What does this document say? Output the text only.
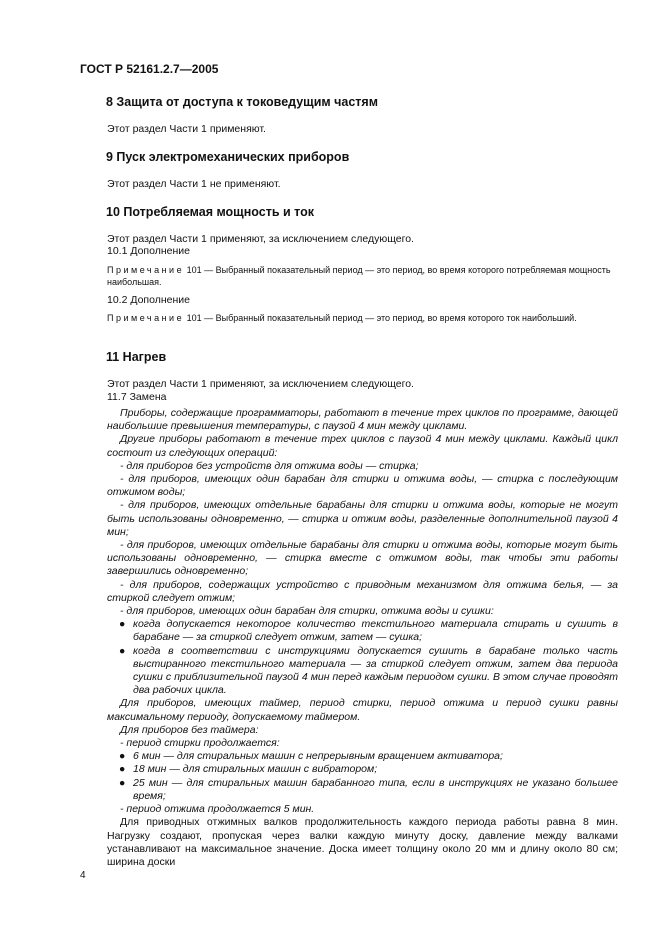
ГОСТ Р 52161.2.7—2005
8 Защита от доступа к токоведущим частям
Этот раздел Части 1 применяют.
9 Пуск электромеханических приборов
Этот раздел Части 1 не применяют.
10 Потребляемая мощность и ток
Этот раздел Части 1 применяют, за исключением следующего.
10.1 Дополнение
Примечание 101 — Выбранный показательный период — это период, во время которого потребляемая мощность наибольшая.
10.2 Дополнение
Примечание 101 — Выбранный показательный период — это период, во время которого ток наибольший.
11 Нагрев
Этот раздел Части 1 применяют, за исключением следующего.
11.7 Замена

Приборы, содержащие программаторы, работают в течение трех циклов по программе, дающей наибольшие превышения температуры, с паузой 4 мин между циклами.

Другие приборы работают в течение трех циклов с паузой 4 мин между циклами. Каждый цикл состоит из следующих операций:

- для приборов без устройств для отжима воды — стирка;

- для приборов, имеющих один барабан для стирки и отжима воды, — стирка с последующим отжимом воды;

- для приборов, имеющих отдельные барабаны для стирки и отжима воды, которые не могут быть использованы одновременно, — стирка и отжим воды, разделенные дополнительной паузой 4 мин;

- для приборов, имеющих отдельные барабаны для стирки и отжима воды, которые могут быть использованы одновременно, — стирка вместе с отжимом воды, так чтобы эти работы завершились одновременно;

- для приборов, содержащих устройство с приводным механизмом для отжима белья, — за стиркой следует отжим;

- для приборов, имеющих один барабан для стирки, отжима воды и сушки:

● когда допускается некоторое количество текстильного материала стирать и сушить в барабане — за стиркой следует отжим, затем — сушка;

● когда в соответствии с инструкциями допускается сушить в барабане только часть выстиранного текстильного материала — за стиркой следует отжим, затем два периода сушки с приблизительной паузой 4 мин перед каждым периодом сушки. В этом случае проводят два рабочих цикла.

Для приборов, имеющих таймер, период стирки, период отжима и период сушки равны максимальному периоду, допускаемому таймером.

Для приборов без таймера:

- период стирки продолжается:

● 6 мин — для стиральных машин с непрерывным вращением активатора;

● 18 мин — для стиральных машин с вибратором;

● 25 мин — для стиральных машин барабанного типа, если в инструкциях не указано большее время;

- период отжима продолжается 5 мин.

Для приводных отжимных валков продолжительность каждого периода работы равна 8 мин. Нагрузку создают, пропуская через валки каждую минуту доску, давление между валками устанавливают на максимальное значение. Доска имеет толщину около 20 мм и длину около 80 см; ширина доски

4
